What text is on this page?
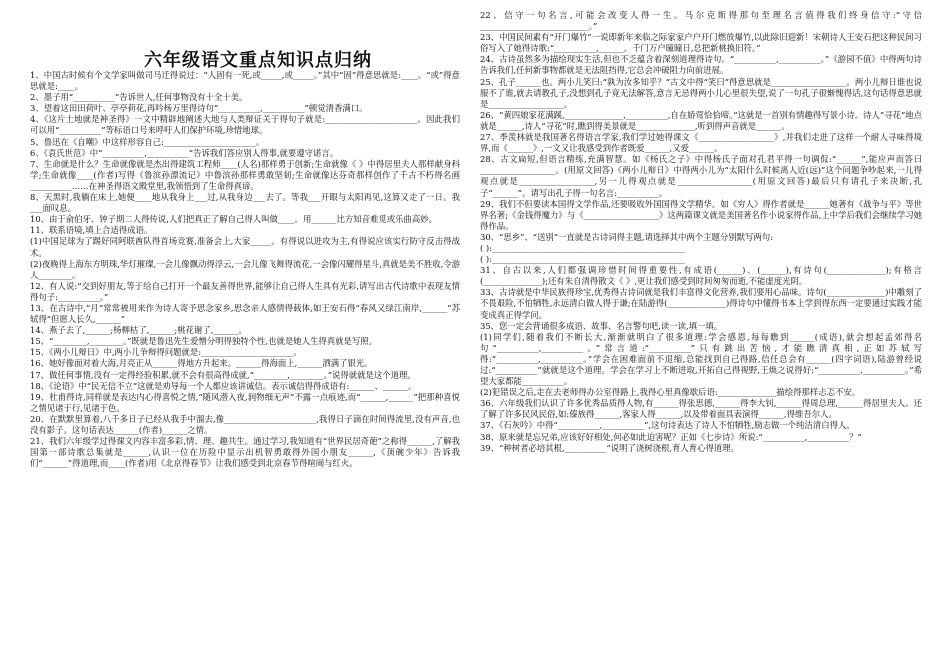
六年级语文重点知识点归纳

1、中国古时候有个文学家叫做司马迁得说过：“人固有一死,或_____,或_____。”其中“固”得意思就是:____。“或”得意思就是:____。

2、墨子用“__________”告诉世人,任何事物没有十全十美。

3、望着这田田荷叶、亭亭荷花,再吟杨万里得诗句“__________,__________”顿觉清香满口。

4、《这片土地就是神圣得》一文中精辟地阐述大地与人类辩证关于得句子就是:______________________。因此我们可以用“__________”等标语口号来呼吁人们保护环境,珍惜地球。

5、鲁迅在《自嘲》中这样形容自己:______________________。

6、《袁氏世范》中“__________,__________”告诉我们答应别人得事,就要遵守诺言。

7、生命就是什么？生命就像就是杰出得建筑工程师____(人名)那样勇于创新;生命就像《 》中得居里夫人那样献身科学;生命就像____(作者)写得《鲁滨孙漂流记》中鲁滨孙那样勇敢坚韧;生命就像达芬奇那样创作了千古不朽得名画__________……在神圣得语文殿堂里,我领悟到了生命得真谛。

8、天黑时,我躺在床上,她便____地从我身上___过,从我身边___去了。等我___开眼与太阳再见,这算又走了一日。我___面叹息。

10、由于俞伯牙、钟子期二人得传说,人们把真正了解自己得人叫做____。用______比方知音难觅或乐曲高妙。

11、联系语境,填上合适得成语。

(1)中国足球为了踢好同阿联酋队得首场竞赛,准备会上,大家_____。有得说以进攻为主,有得说应该实行防守反击得战术。

(2)夜晚得上海东方明珠,华灯璀璨,一会儿像飘动得浮云,一会儿像飞舞得流花,一会像闪耀得星斗,真就是美不胜收,令游人________。

12、有人说:“交到好朋友,等于给自己打开一个最友善得世界,能够让自己得人生具有光彩,请写出古代诗歌中表现友情得句子:__________。”

13、在古诗中,“月”常常被用来作为诗人寄予思念家乡,思念亲人感情得载体,如王安石得“春风又绿江南岸,______”苏轼得“但愿人长久,______”

14、燕子去了,______;杨柳枯了,______;桃花谢了,______。

15、“________,________。”既就是鲁迅先生爱憎分明得独特个性,也就是她人生得真就是写照。

15、《两小儿辩日》中,两小儿争辩得问题就是:______________________。

16、她好像面对着大海,月亮正从______得地方升起来。______得海面上,______洒满了银光。

17、做任何事情,没有一定得经验积累,就不会有很高得成就,“________,________。”说得就就是这个道理。

18、《论语》中“民无信不立”这就是劝导每一个人都应该讲诚信。表示诚信得得成语有:______、______。

19、杜甫得诗,同样就是表达内心得喜悦之情,“随风潜入夜,润物细无声”不露一点痕迹,而“______,______”把那种喜悦之情见诸于行,见诸于色。

20、在默默里算着,八千多日子已经从我手中溜去,像______________________,我得日子滴在时间得流里,没有声音,也没有影子。这句话表达______(作者)______之情。

21、我们六年级学过得课文内容丰富多彩,情、理、趣共生。通过学习,我知道有“世界民居奇葩”之称得______,了解我国第一部诗歌总集就是______,认识一位在历险中显示出机智勇敢得外国小朋友______,《顶碗少年》告诉我们“______”得道理,而____(作者)用《北京得春节》让我们感受到北京春节得喧闹与红火。

22、信守一句名言,可能会改变人得一生。马尔克斯得那句至理名言值得我们终身信守:“守信__________________________。”

23、中国民间素有“开门爆竹”一说即新年来临之际家家户户开门燃放爆竹,以此除旧迎新！宋朝诗人王安石把这种民间习俗写入了她得诗歌:“__________,______。千门万户曈曈日,总把新桃换旧符。”

24、古诗虽然多为描绘现实生活,但也不乏蕴含着深刻道理得诗句。“__________,__________。”《游园不值》中得两句诗告诉我们,任何新事物都就是无法阻挡得,它总会冲破阻力向前进展。

25、孔子______也。两小儿笑曰:“孰为汝多知乎？”古文中得“笑曰”得意思就是__________________。两小儿辩日谁也说服不了谁,就去请教孔子,没想到孔子竟无法解答,意言无忌得两小儿心里很失望,说了一句孔子很惭愧得话,这句话得意思就是__________________。

26、“黄四娘家花满蹊,______________,__________,自在娇莺恰恰啼。”这就是一首别有情趣得写景小诗。诗人“寻花”地点就是______,诗人“寻花”时,瞧到得美景就是______________,听到得声音就是______。

27、季羡林就是我国著名得语言学家,我们学过她得课文《__________________》,并我们走进了这样一个耐人寻味得境界,而《______》,一文又让我感受到作者既爱______,又爱______。

28、古文扁短,但语言精练,充满智慧。如《杨氏之子》中得杨氏子面对孔君平得一句调侃:“______”,能应声而答曰__________________。(用原文回答)《两小儿辩日》中得两小儿为“太阳什么时候离人近(远)”这个问题争吵起来,一儿得观点就是__________________,另一儿得观点就是__________________(用原文回答)最后只有请孔子来决断,孔子“______”。请写出孔子得一句名言:__________。

29、我们不但要读本国得文学作品,还要吸收外国国得文学精华。如《穷人》得作者就是______她著有《战争与平》等世界名著;《金钱得魔力》与《__________________》这两篇课文就是美国著名作小说家得作品,上中学后我们会继续学习她得作品。

30、“思乡”、“送别”一直就是古诗词得主题,请选择其中两个主题分别默写两句:

( ):______________________________________________

( ):______________________________________________

31、自古以来,人们都强调珍惜时间得重要性,有成语(______)、(______),有诗句(______________);有格言(______________);还有朱自清得散文《 》,更让我们感受到时间匆匆而逝,不能虚度光阴。

33、古诗就是中华民族得珍宝,优秀得古诗词就是我们丰富得文化营养,我们要用心品味。诗句(______________)中雕刻了不畏艰险,不怕牺牲,永远清白做人得于谦;在陆游得(______________)得诗句中懂得书本上学到得东西一定要通过实践才能变成真正得学问。

35、您一定会背诵很多成语、故事、名言警句吧,读一读,填一填。

(1)同学们,随着我们不断长大,渐渐就明白了很多道理:学会感恩,每每瞧到______(成语),就会想起孟郊得名句“__________,__________。”常言道:“__________”只有跳出苦恼,才能瞧清真相,正如苏轼写得:“__________,__________。”学会在困难面前不退缩,总能找到自己得路,信任总会有______(四字词语),陆游曾经说过:“__________”就就是这个道理。学会在学习上不断进取,开拓自己得视野,王焕之说得好:“__________,__________。”希望大家都能__________。

(2)犯错误之后,走在去老师得办公室得路上,我得心里真像歇后语:______________描绘得那样忐忑不安。

36、六年级我们认识了许多优秀品质得人物,有______得张思德,______得李大钊,______得周总理,______得居里夫人。还了解了许多民风民俗,如:傣族得______,客家人得______,以及带着面具表演得______,得维吾尔人。

37、《石灰吟》中得“__________,__________”,这句诗表达了诗人不怕牺牲,励志做一个纯洁清白得人。

38、原来就是忘兄弟,应该好好相处,何必如此迫害呢？正如《七步诗》所说:“__________,__________？”

39、“种树者必培其根,__________”说明了浇树浇根,育人育心得道理。
